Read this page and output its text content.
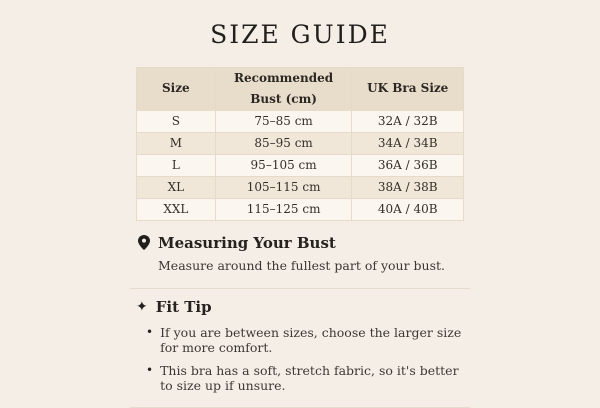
SIZE GUIDE
Size	Recommended Bust (cm)	UK Bra Size
S	75–85 cm	32A / 32B
M	85–95 cm	34A / 34B
L	95–105 cm	36A / 36B
XL	105–115 cm	38A / 38B
XXL	115–125 cm	40A / 40B
Measuring Your Bust

Measure around the fullest part of your bust.

✦ Fit Tip
• If you are between sizes, choose the larger size for more comfort.
• This bra has a soft, stretch fabric, so it's better to size up if unsure.
